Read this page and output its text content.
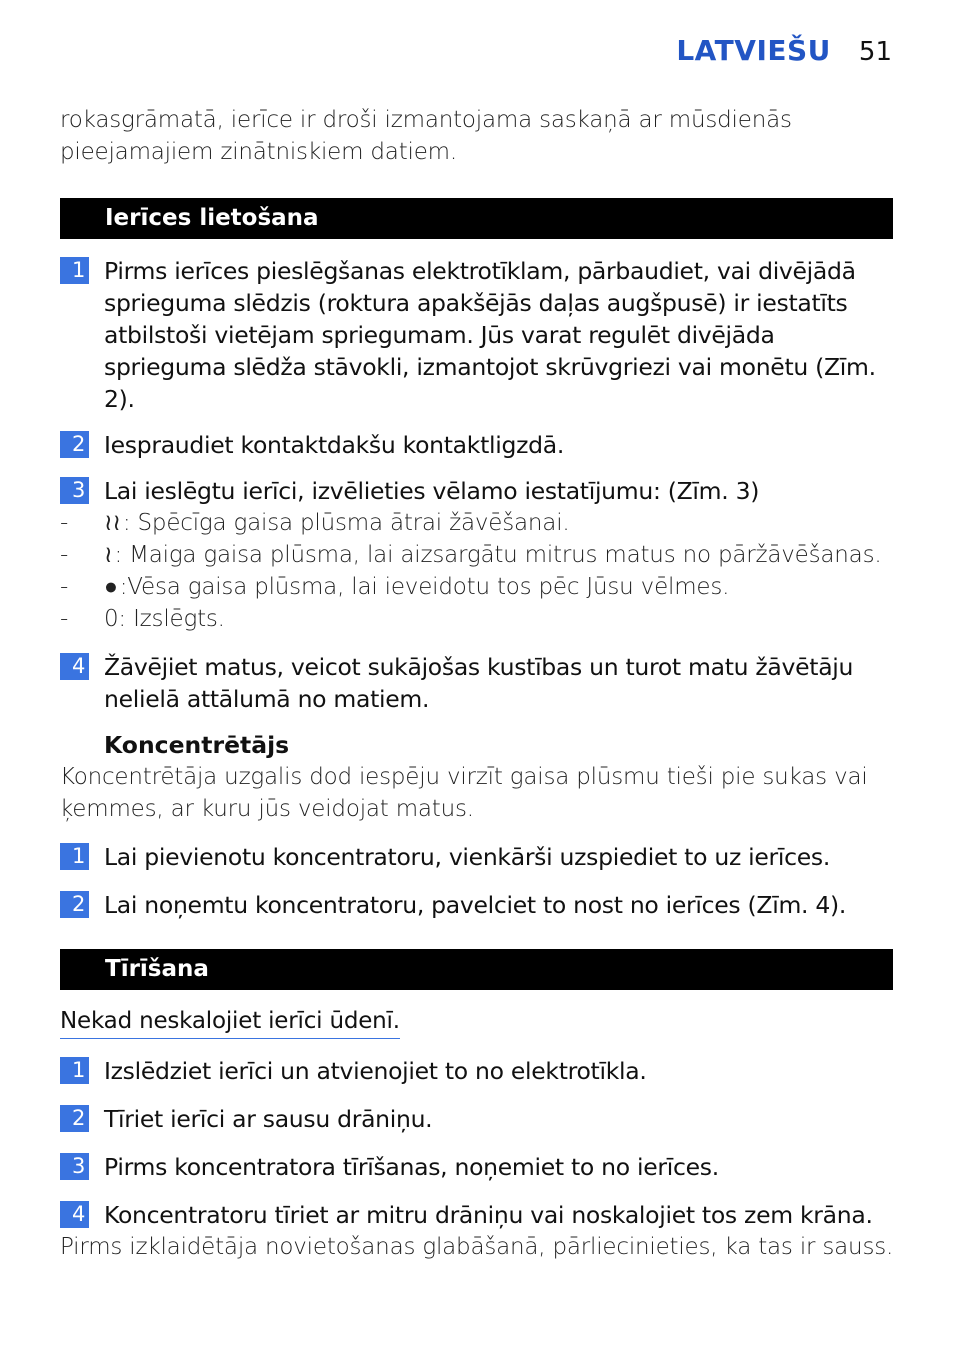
LATVIEŠU 51

rokasgrāmatā, ierīce ir droši izmantojama saskaņā ar mūsdienās pieejamajiem zinātniskiem datiem.

Ierīces lietošana
1 Pirms ierīces pieslēgšanas elektrotīklam, pārbaudiet, vai divējādā sprieguma slēdzis (roktura apakšējās daļas augšpusē) ir iestatīts atbilstoši vietējam spriegumam. Jūs varat regulēt divējāda sprieguma slēdža stāvokli, izmantojot skrūvgriezi vai monētu (Zīm. 2).
2 Iespraudiet kontaktdakšu kontaktligzdā.
3 Lai ieslēgtu ierīci, izvēlieties vēlamo iestatījumu: (Zīm. 3)
-	≀≀: Spēcīga gaisa plūsma ātrai žāvēšanai.
-	≀: Maiga gaisa plūsma, lai aizsargātu mitrus matus no pāržāvēšanas.
-	●:Vēsa gaisa plūsma, lai ieveidotu tos pēc Jūsu vēlmes.
-	0: Izslēgts.
4 Žāvējiet matus, veicot sukājošas kustības un turot matu žāvētāju nelielā attālumā no matiem.
Koncentrētājs
Koncentrētāja uzgalis dod iespēju virzīt gaisa plūsmu tieši pie sukas vai ķemmes, ar kuru jūs veidojat matus.
1 Lai pievienotu koncentratoru, vienkārši uzspiediet to uz ierīces.
2 Lai noņemtu koncentratoru, pavelciet to nost no ierīces (Zīm. 4).
Tīrīšana
Nekad neskalojiet ierīci ūdenī.
1 Izslēdziet ierīci un atvienojiet to no elektrotīkla.
2 Tīriet ierīci ar sausu drāniņu.
3 Pirms koncentratora tīrīšanas, noņemiet to no ierīces.
4 Koncentratoru tīriet ar mitru drāniņu vai noskalojiet tos zem krāna.
Pirms izklaidētāja novietošanas glabāšanā, pārliecinieties, ka tas ir sauss.
